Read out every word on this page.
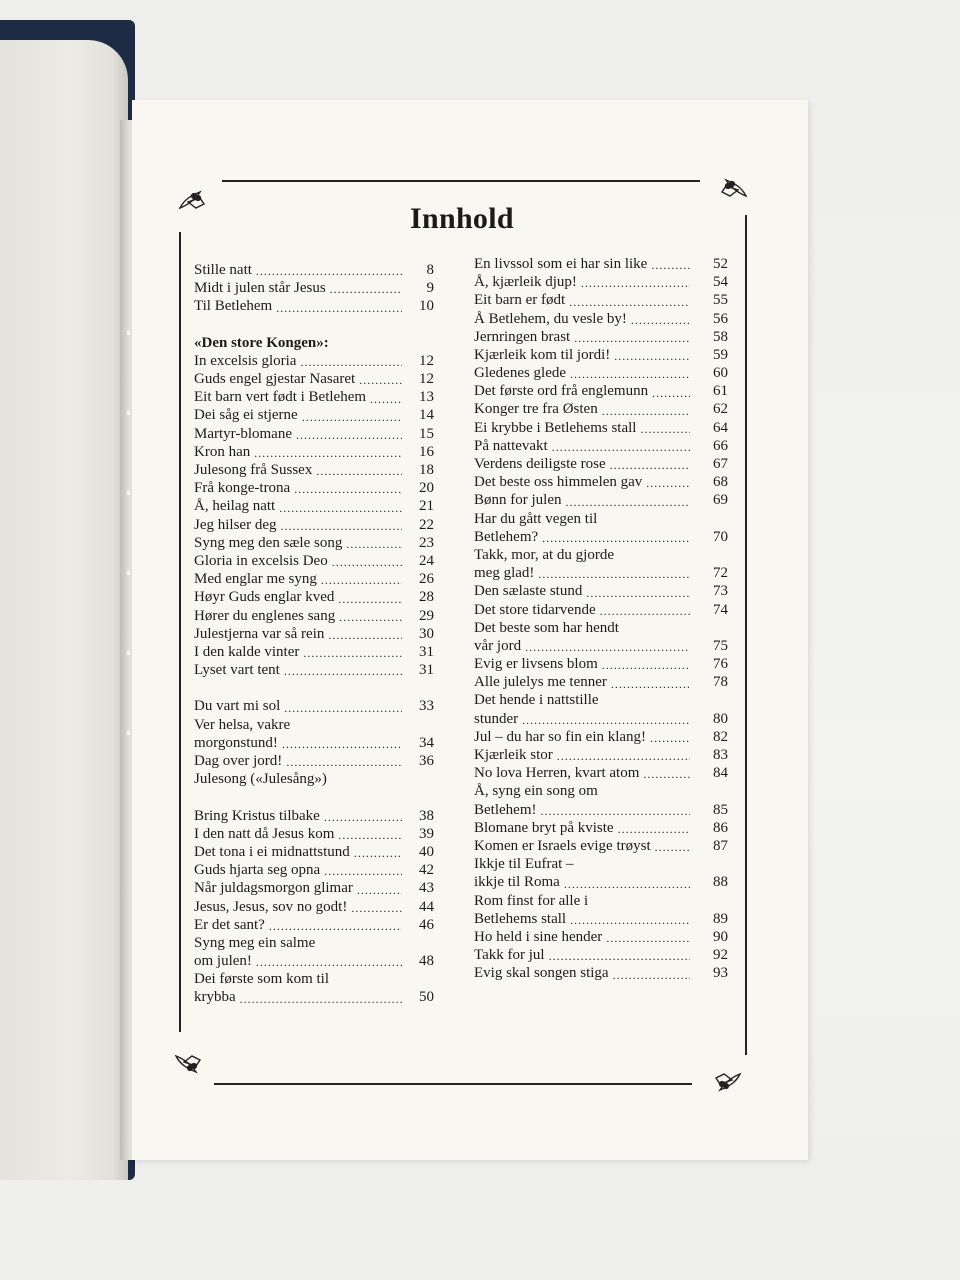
Innhold
Stille natt .....	8
Midt i julen står Jesus .....	9
Til Betlehem .....	10
«Den store Kongen»:
In excelsis gloria .....	12
Guds engel gjestar Nasaret .....	12
Eit barn vert født i Betlehem .....	13
Dei såg ei stjerne .....	14
Martyr-blomane .....	15
Kron han .....	16
Julesong frå Sussex .....	18
Frå konge-trona .....	20
Å, heilag natt .....	21
Jeg hilser deg .....	22
Syng meg den sæle song .....	23
Gloria in excelsis Deo .....	24
Med englar me syng .....	26
Høyr Guds englar kved .....	28
Hører du englenes sang .....	29
Julestjerna var så rein .....	30
I den kalde vinter .....	31
Lyset vart tent .....	31
Du vart mi sol .....	33
Ver helsa, vakre
morgonstund! .....	34
Dag over jord! .....	36
Julesong («Julesång»)
Bring Kristus tilbake .....	38
I den natt då Jesus kom .....	39
Det tona i ei midnattstund .....	40
Guds hjarta seg opna .....	42
Når juldagsmorgon glimar .....	43
Jesus, Jesus, sov no godt! .....	44
Er det sant? .....	46
Syng meg ein salme
om julen! .....	48
Dei første som kom til
krybba .....	50
En livssol som ei har sin like .....	52
Å, kjærleik djup! .....	54
Eit barn er født .....	55
Å Betlehem, du vesle by! .....	56
Jernringen brast .....	58
Kjærleik kom til jordi! .....	59
Gledenes glede .....	60
Det første ord frå englemunn .....	61
Konger tre fra Østen .....	62
Ei krybbe i Betlehems stall .....	64
På nattevakt .....	66
Verdens deiligste rose .....	67
Det beste oss himmelen gav .....	68
Bønn for julen .....	69
Har du gått vegen til
Betlehem? .....	70
Takk, mor, at du gjorde
meg glad! .....	72
Den sælaste stund .....	73
Det store tidarvende .....	74
Det beste som har hendt
vår jord .....	75
Evig er livsens blom .....	76
Alle julelys me tenner .....	78
Det hende i nattstille
stunder .....	80
Jul – du har so fin ein klang! .....	82
Kjærleik stor .....	83
No lova Herren, kvart atom .....	84
Å, syng ein song om
Betlehem! .....	85
Blomane bryt på kviste .....	86
Komen er Israels evige trøyst .....	87
Ikkje til Eufrat –
ikkje til Roma .....	88
Rom finst for alle i
Betlehems stall .....	89
Ho held i sine hender .....	90
Takk for jul .....	92
Evig skal songen stiga .....	93
